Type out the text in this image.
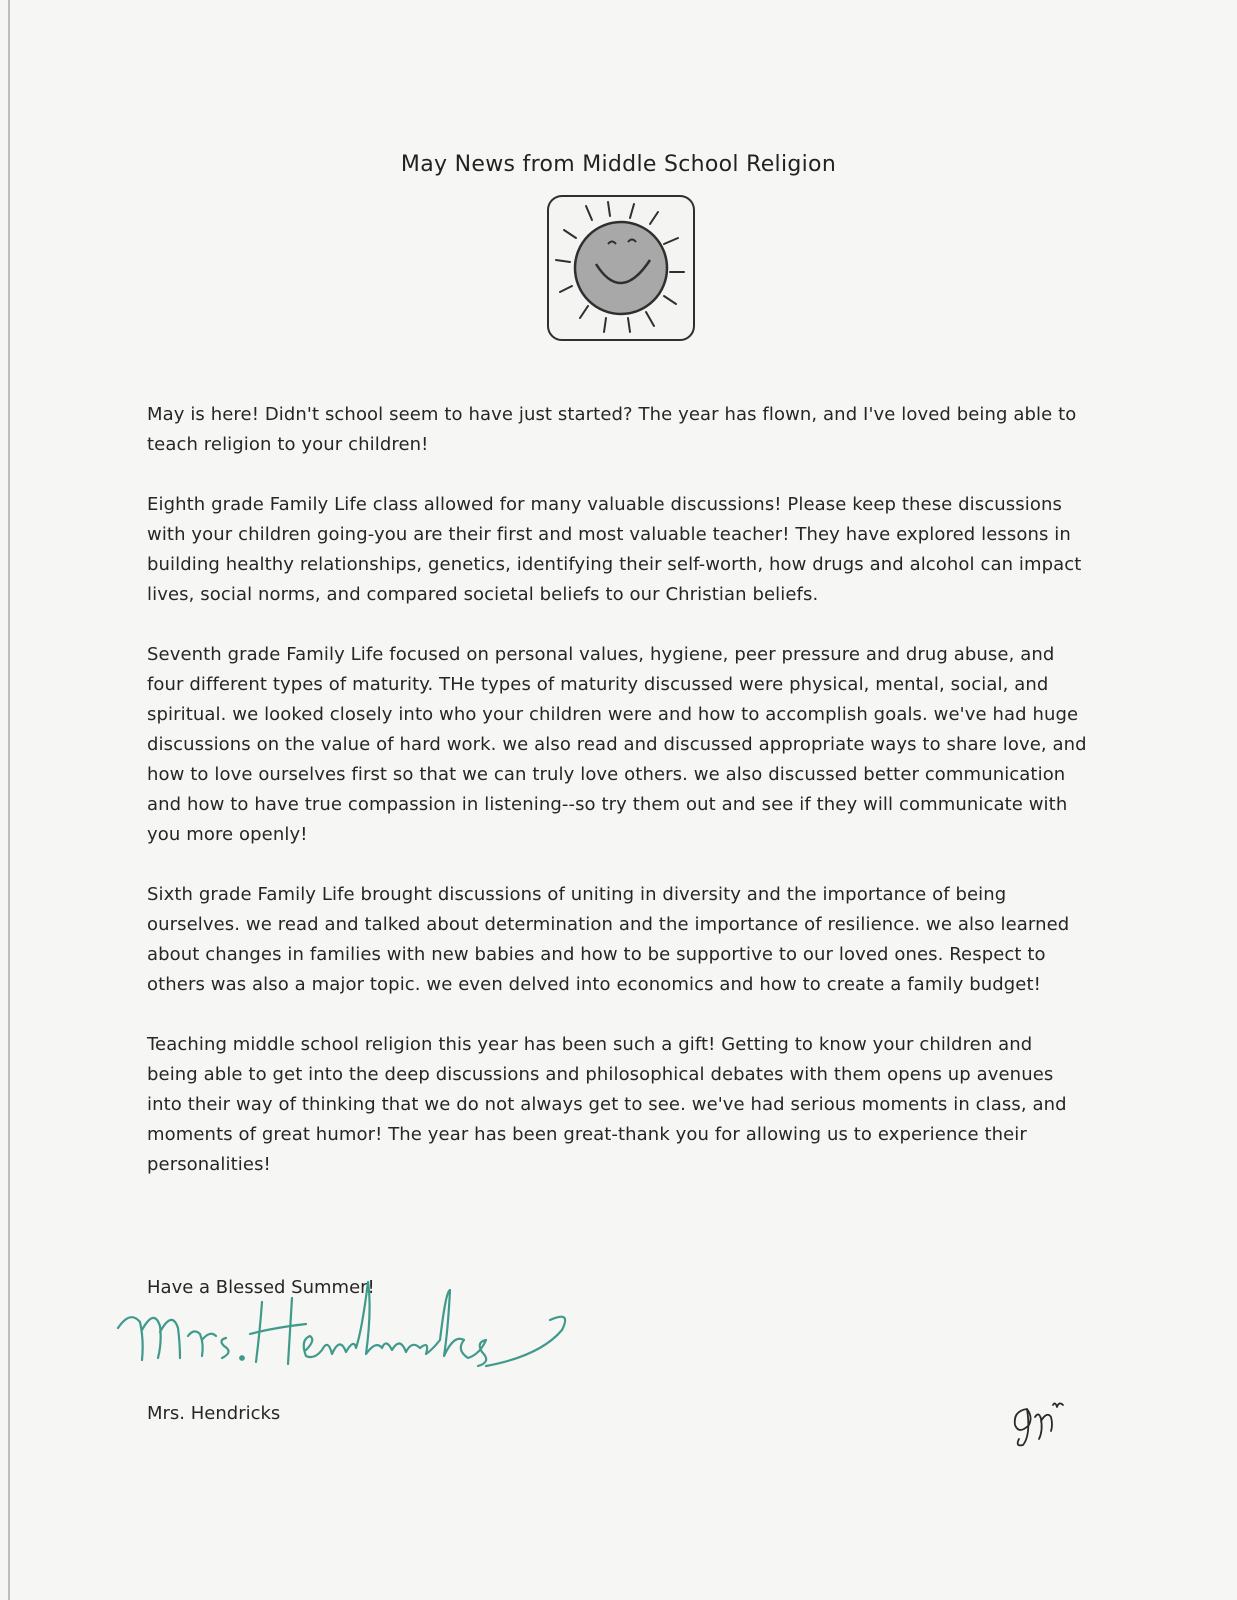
May News from Middle School Religion

May is here! Didn't school seem to have just started? The year has flown, and I've loved being able to teach religion to your children!

Eighth grade Family Life class allowed for many valuable discussions! Please keep these discussions with your children going-you are their first and most valuable teacher! They have explored lessons in building healthy relationships, genetics, identifying their self-worth, how drugs and alcohol can impact lives, social norms, and compared societal beliefs to our Christian beliefs.

Seventh grade Family Life focused on personal values, hygiene, peer pressure and drug abuse, and four different types of maturity. THe types of maturity discussed were physical, mental, social, and spiritual. we looked closely into who your children were and how to accomplish goals. we've had huge discussions on the value of hard work. we also read and discussed appropriate ways to share love, and how to love ourselves first so that we can truly love others. we also discussed better communication and how to have true compassion in listening--so try them out and see if they will communicate with you more openly!

Sixth grade Family Life brought discussions of uniting in diversity and the importance of being ourselves. we read and talked about determination and the importance of resilience. we also learned about changes in families with new babies and how to be supportive to our loved ones. Respect to others was also a major topic. we even delved into economics and how to create a family budget!

Teaching middle school religion this year has been such a gift! Getting to know your children and being able to get into the deep discussions and philosophical debates with them opens up avenues into their way of thinking that we do not always get to see. we've had serious moments in class, and moments of great humor! The year has been great-thank you for allowing us to experience their personalities!

Have a Blessed Summer!
Mrs. Hendricks
